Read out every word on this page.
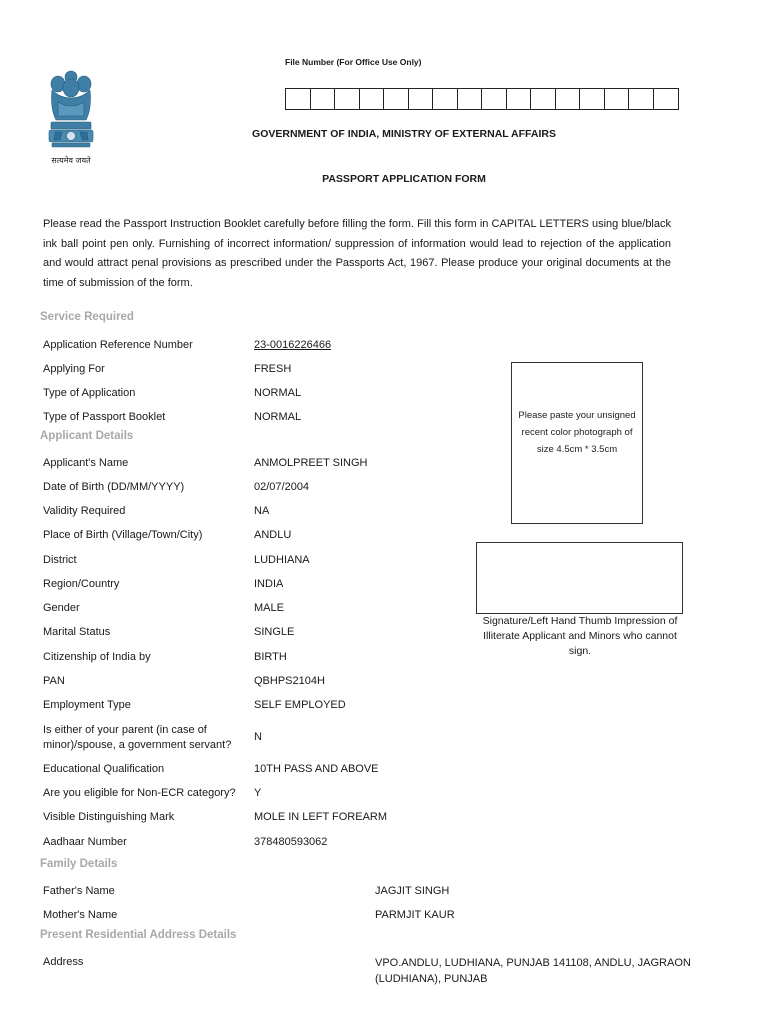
सत्यमेव जयते
File Number (For Office Use Only)
GOVERNMENT OF INDIA, MINISTRY OF EXTERNAL AFFAIRS
PASSPORT APPLICATION FORM
Please read the Passport Instruction Booklet carefully before filling the form. Fill this form in CAPITAL LETTERS using blue/black ink ball point pen only. Furnishing of incorrect information/ suppression of information would lead to rejection of the application and would attract penal provisions as prescribed under the Passports Act, 1967. Please produce your original documents at the time of submission of the form.
Service Required
Application Reference Number	23-0016226466
Applying For	FRESH
Type of Application	NORMAL
Type of Passport Booklet	NORMAL
Applicant Details
Applicant's Name	ANMOLPREET SINGH
Date of Birth (DD/MM/YYYY)	02/07/2004
Validity Required	NA
Place of Birth (Village/Town/City)	ANDLU
District	LUDHIANA
Region/Country	INDIA
Gender	MALE
Marital Status	SINGLE
Citizenship of India by	BIRTH
PAN	QBHPS2104H
Employment Type	SELF EMPLOYED
Is either of your parent (in case of minor)/spouse, a government servant?
N
Educational Qualification	10TH PASS AND ABOVE
Are you eligible for Non-ECR category? Y
Visible Distinguishing Mark	MOLE IN LEFT FOREARM
Aadhaar Number	378480593062
Family Details
Father's Name	JAGJIT SINGH
Mother's Name	PARMJIT KAUR
Present Residential Address Details
Address	VPO.ANDLU, LUDHIANA, PUNJAB 141108, ANDLU, JAGRAON (LUDHIANA), PUNJAB
Please paste your unsigned recent color photograph of size 4.5cm * 3.5cm
Signature/Left Hand Thumb Impression of Illiterate Applicant and Minors who cannot sign.
